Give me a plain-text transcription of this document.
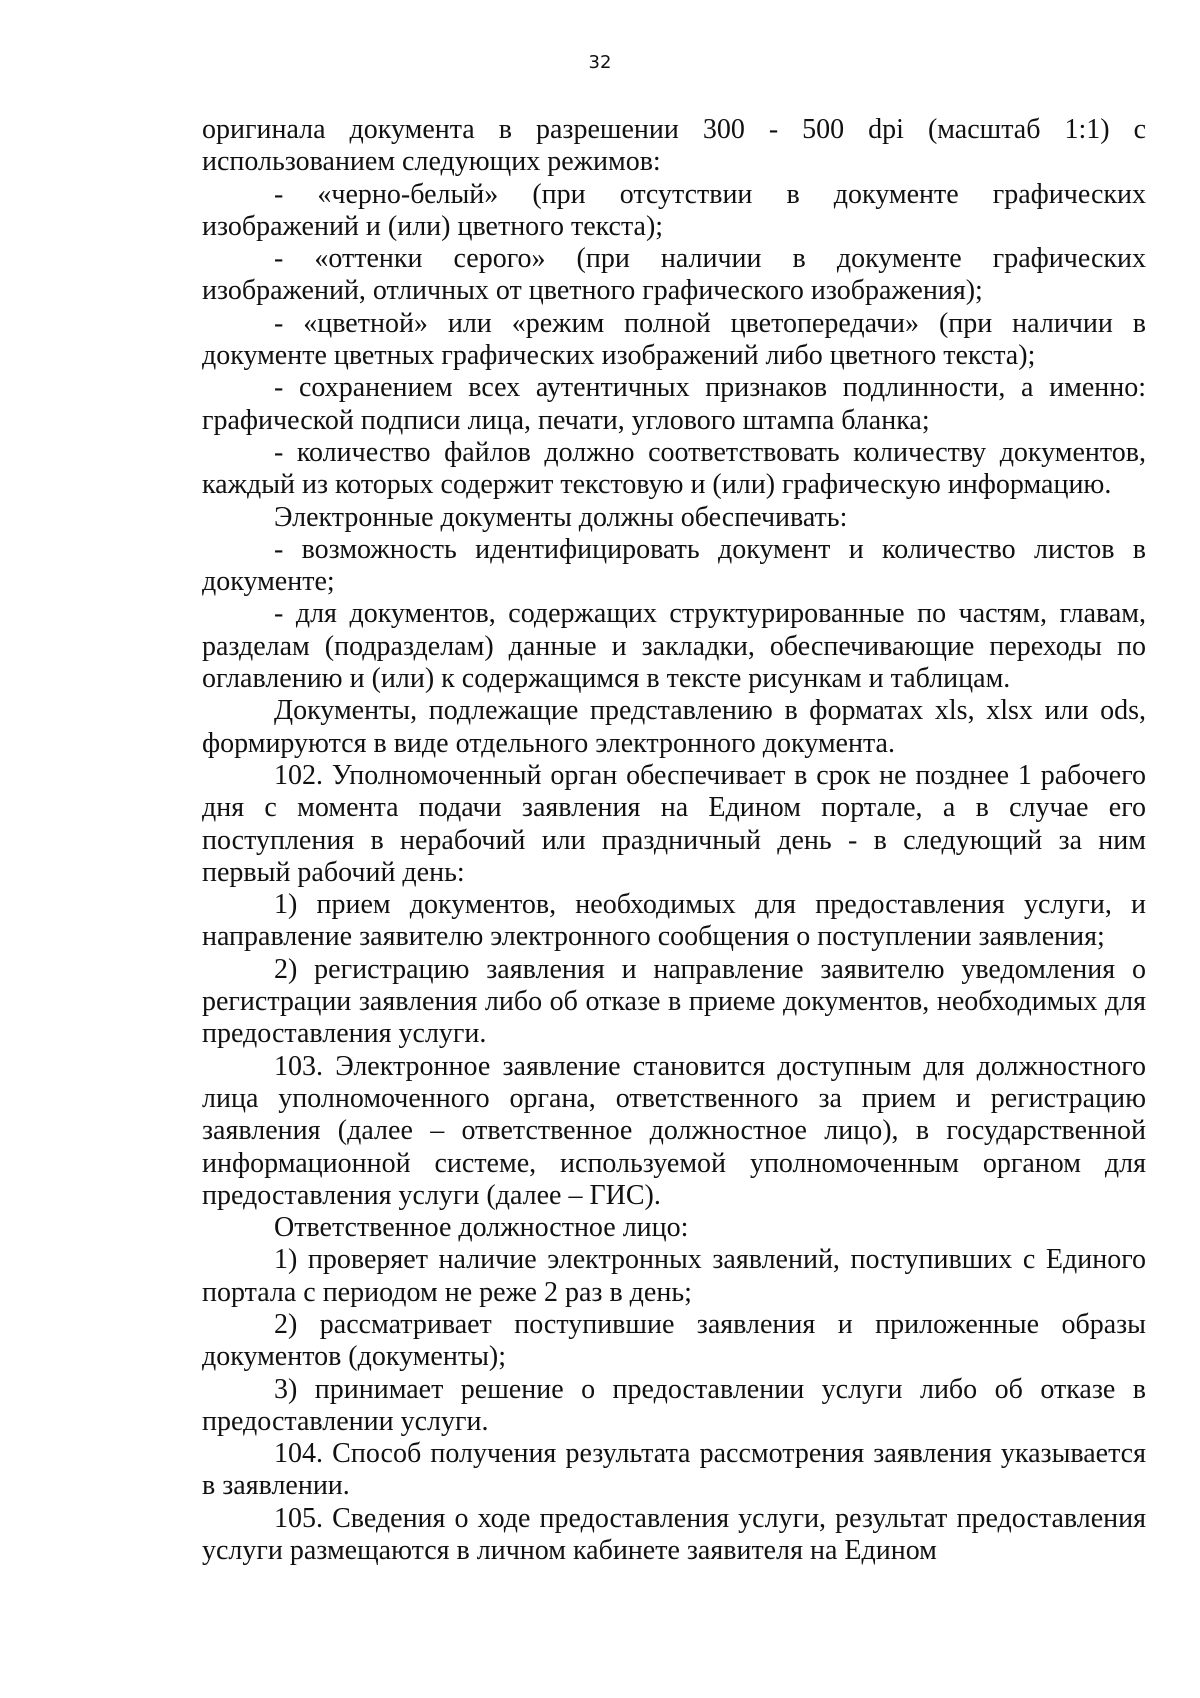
32

оригинала документа в разрешении 300 - 500 dpi (масштаб 1:1) с использованием следующих режимов:

- «черно-белый» (при отсутствии в документе графических изображений и (или) цветного текста);

- «оттенки серого» (при наличии в документе графических изображений, отличных от цветного графического изображения);

- «цветной» или «режим полной цветопередачи» (при наличии в документе цветных графических изображений либо цветного текста);

- сохранением всех аутентичных признаков подлинности, а именно: графической подписи лица, печати, углового штампа бланка;

- количество файлов должно соответствовать количеству документов, каждый из которых содержит текстовую и (или) графическую информацию.

Электронные документы должны обеспечивать:

- возможность идентифицировать документ и количество листов в документе;

- для документов, содержащих структурированные по частям, главам, разделам (подразделам) данные и закладки, обеспечивающие переходы по оглавлению и (или) к содержащимся в тексте рисункам и таблицам.

Документы, подлежащие представлению в форматах xls, xlsx или ods, формируются в виде отдельного электронного документа.

102. Уполномоченный орган обеспечивает в срок не позднее 1 рабочего дня с момента подачи заявления на Едином портале, а в случае его поступления в нерабочий или праздничный день - в следующий за ним первый рабочий день:

1) прием документов, необходимых для предоставления услуги, и направление заявителю электронного сообщения о поступлении заявления;

2) регистрацию заявления и направление заявителю уведомления о регистрации заявления либо об отказе в приеме документов, необходимых для предоставления услуги.

103. Электронное заявление становится доступным для должностного лица уполномоченного органа, ответственного за прием и регистрацию заявления (далее – ответственное должностное лицо), в государственной информационной системе, используемой уполномоченным органом для предоставления услуги (далее – ГИС).

Ответственное должностное лицо:

1) проверяет наличие электронных заявлений, поступивших с Единого портала с периодом не реже 2 раз в день;

2) рассматривает поступившие заявления и приложенные образы документов (документы);

3) принимает решение о предоставлении услуги либо об отказе в предоставлении услуги.

104. Способ получения результата рассмотрения заявления указывается в заявлении.

105. Сведения о ходе предоставления услуги, результат предоставления услуги размещаются в личном кабинете заявителя на Едином
